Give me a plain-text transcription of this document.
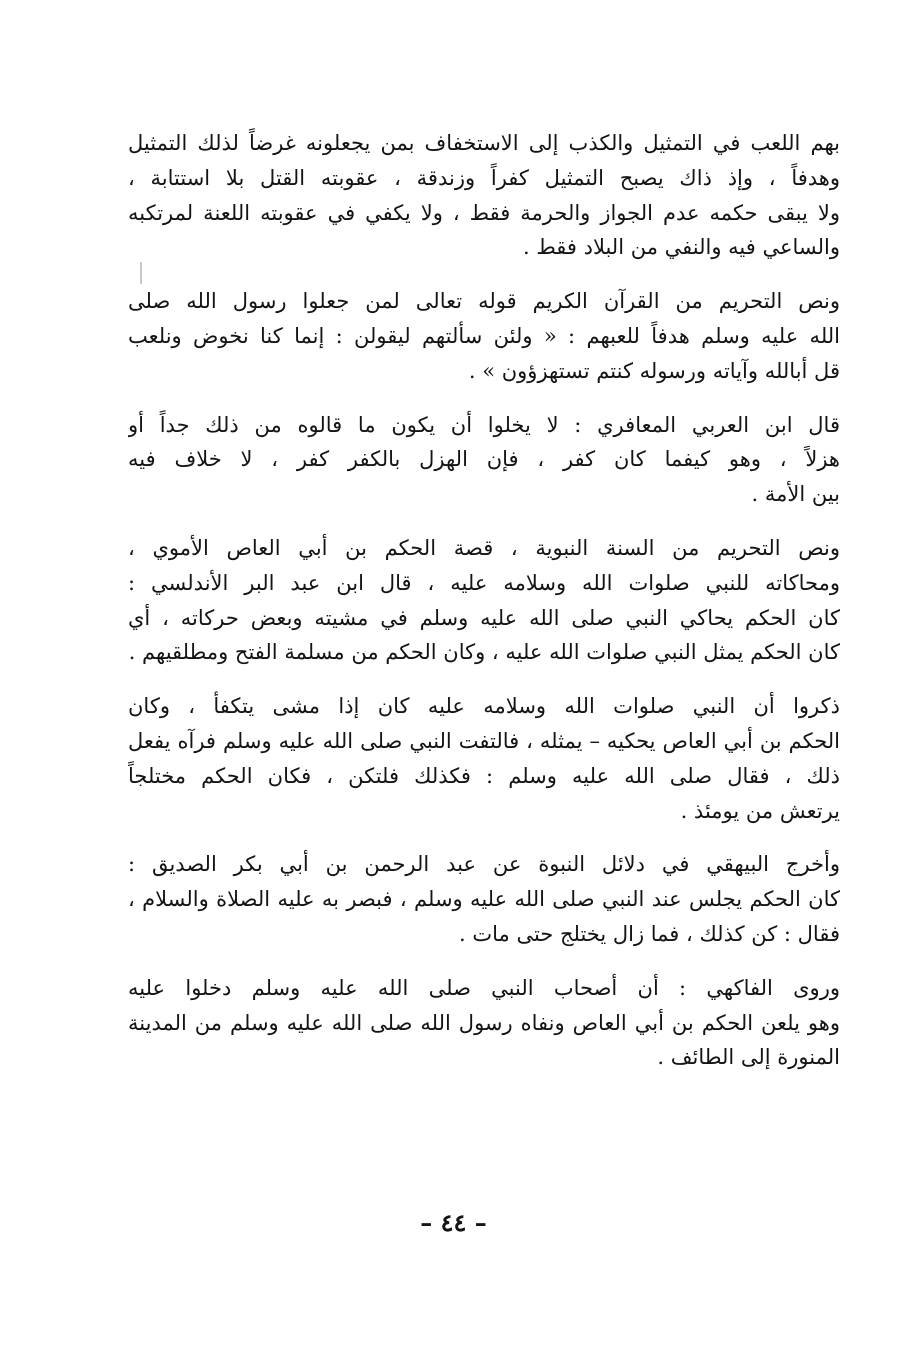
بهم اللعب في التمثيل والكذب إلى الاستخفاف بمن يجعلونه غرضاً لذلك التمثيل
وهدفاً ، وإذ ذاك يصبح التمثيل كفراً وزندقة ، عقوبته القتل بلا استتابة ،
ولا يبقى حكمه عدم الجواز والحرمة فقط ، ولا يكفي في عقوبته اللعنة لمرتكبه
والساعي فيه والنفي من البلاد فقط .
ونص التحريم من القرآن الكريم قوله تعالى لمن جعلوا رسول الله صلى
الله عليه وسلم هدفاً للعبهم : « ولئن سألتهم ليقولن : إنما كنا نخوض ونلعب
قل أبالله وآياته ورسوله كنتم تستهزؤون » .
قال ابن العربي المعافري : لا يخلوا أن يكون ما قالوه من ذلك جداً أو
هزلاً ، وهو كيفما كان كفر ، فإن الهزل بالكفر كفر ، لا خلاف فيه
بين الأمة .
ونص التحريم من السنة النبوية ، قصة الحكم بن أبي العاص الأموي ،
ومحاكاته للنبي صلوات الله وسلامه عليه ، قال ابن عبد البر الأندلسي :
كان الحكم يحاكي النبي صلى الله عليه وسلم في مشيته وبعض حركاته ، أي
كان الحكم يمثل النبي صلوات الله عليه ، وكان الحكم من مسلمة الفتح ومطلقيهم .
ذكروا أن النبي صلوات الله وسلامه عليه كان إذا مشى يتكفأ ، وكان
الحكم بن أبي العاص يحكيه – يمثله ، فالتفت النبي صلى الله عليه وسلم فرآه يفعل
ذلك ، فقال صلى الله عليه وسلم : فكذلك فلتكن ، فكان الحكم مختلجاً
يرتعش من يومئذ .
وأخرج البيهقي في دلائل النبوة عن عبد الرحمن بن أبي بكر الصديق :
كان الحكم يجلس عند النبي صلى الله عليه وسلم ، فبصر به عليه الصلاة والسلام ،
فقال : كن كذلك ، فما زال يختلج حتى مات .
وروى الفاكهي : أن أصحاب النبي صلى الله عليه وسلم دخلوا عليه
وهو يلعن الحكم بن أبي العاص ونفاه رسول الله صلى الله عليه وسلم من المدينة
المنورة إلى الطائف .
– ٤٤ –
